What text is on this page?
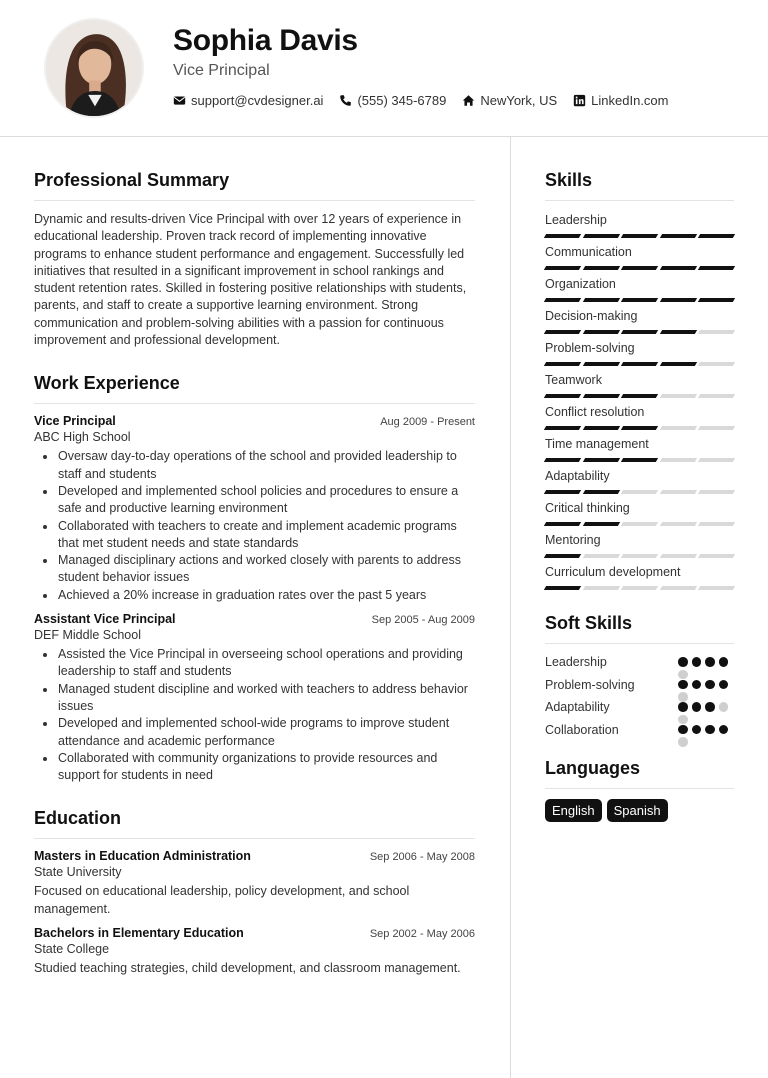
Sophia Davis
Vice Principal
support@cvdesigner.ai	(555) 345-6789	NewYork, US	LinkedIn.com
Professional Summary

Dynamic and results-driven Vice Principal with over 12 years of experience in educational leadership. Proven track record of implementing innovative programs to enhance student performance and engagement. Successfully led initiatives that resulted in a significant improvement in school rankings and student retention rates. Skilled in fostering positive relationships with students, parents, and staff to create a supportive learning environment. Strong communication and problem-solving abilities with a passion for continuous improvement and professional development.

Work Experience
Vice Principal	Aug 2009 - Present
ABC High School
• Oversaw day-to-day operations of the school and provided leadership to staff and students
• Developed and implemented school policies and procedures to ensure a safe and productive learning environment
• Collaborated with teachers to create and implement academic programs that met student needs and state standards
• Managed disciplinary actions and worked closely with parents to address student behavior issues
• Achieved a 20% increase in graduation rates over the past 5 years
Assistant Vice Principal	Sep 2005 - Aug 2009
DEF Middle School
• Assisted the Vice Principal in overseeing school operations and providing leadership to staff and students
• Managed student discipline and worked with teachers to address behavior issues
• Developed and implemented school-wide programs to improve student attendance and academic performance
• Collaborated with community organizations to provide resources and support for students in need
Education
Masters in Education Administration	Sep 2006 - May 2008
State University

Focused on educational leadership, policy development, and school management.

Bachelors in Elementary Education	Sep 2002 - May 2006
State College

Studied teaching strategies, child development, and classroom management.

Skills
Leadership
Communication
Organization
Decision-making
Problem-solving
Teamwork
Conflict resolution
Time management
Adaptability
Critical thinking
Mentoring
Curriculum development
Soft Skills
Leadership
Problem-solving
Adaptability
Collaboration
Languages
English	Spanish
